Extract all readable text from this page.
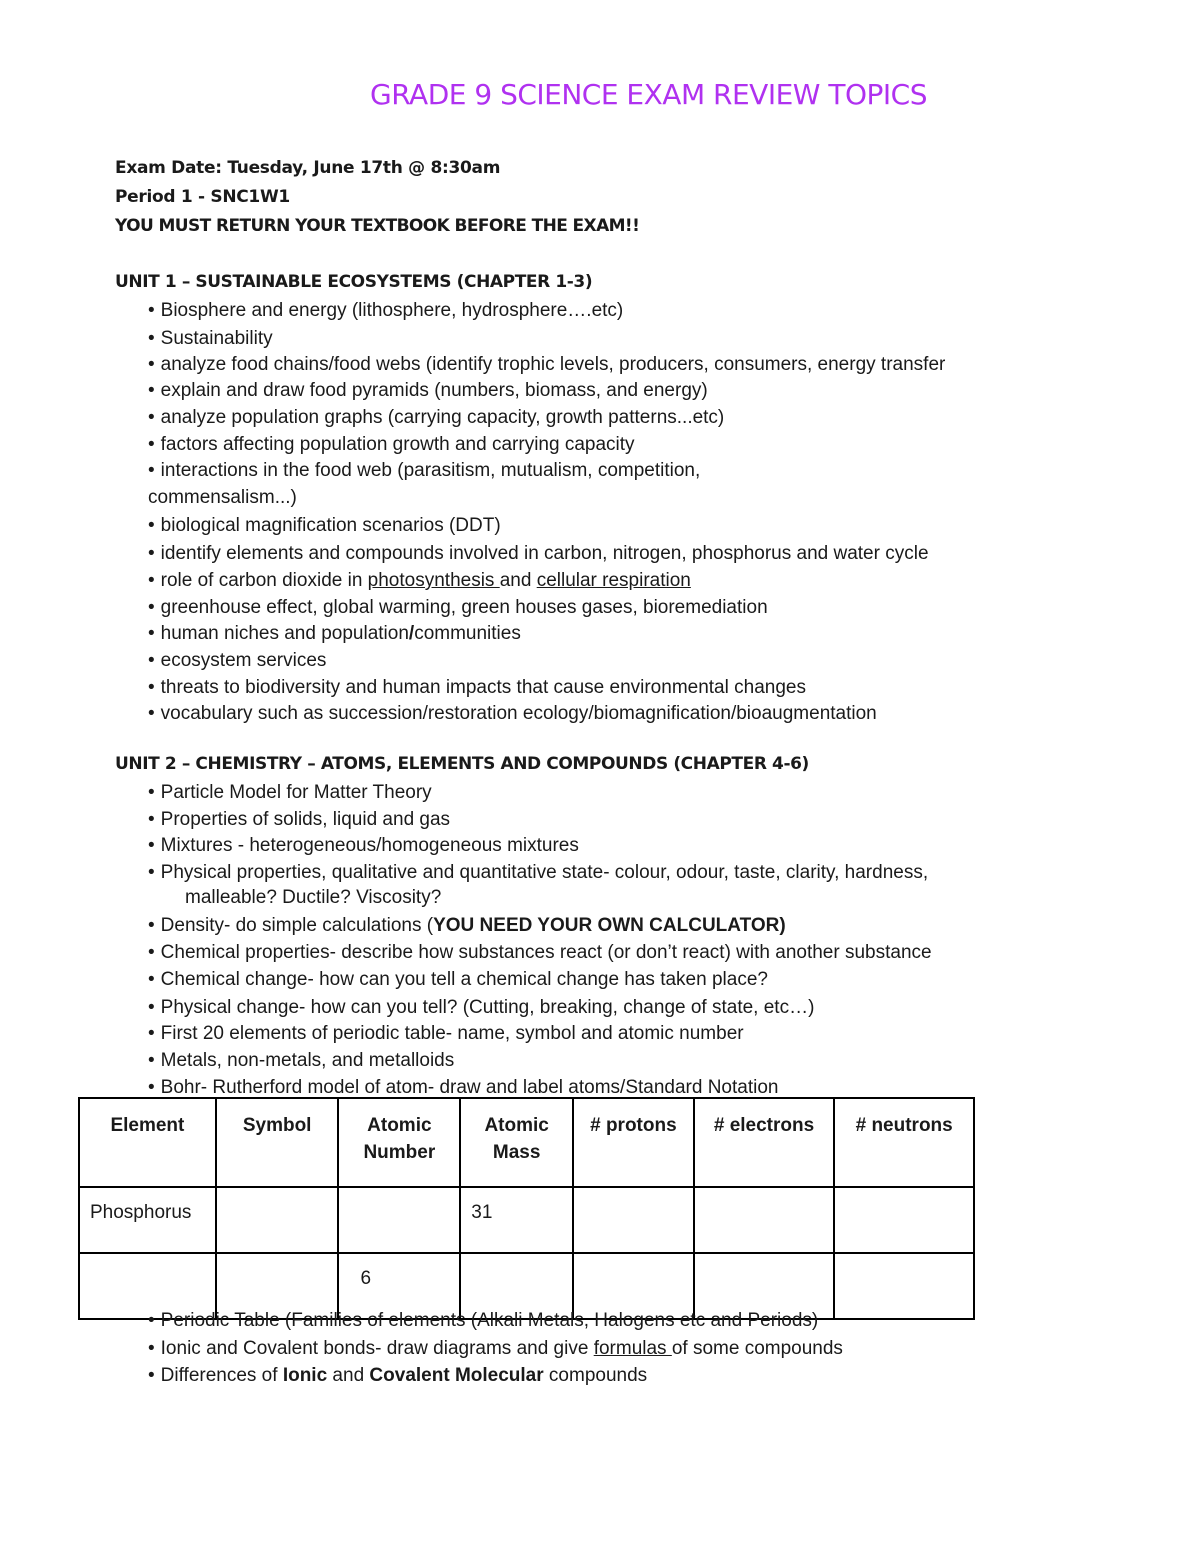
GRADE 9 SCIENCE EXAM REVIEW TOPICS
Exam Date: Tuesday, June 17th @ 8:30am
Period 1 - SNC1W1
YOU MUST RETURN YOUR TEXTBOOK BEFORE THE EXAM!!
UNIT 1 – SUSTAINABLE ECOSYSTEMS (CHAPTER 1-3)
• Biosphere and energy (lithosphere, hydrosphere….etc)
• Sustainability
• analyze food chains/food webs (identify trophic levels, producers, consumers, energy transfer
• explain and draw food pyramids (numbers, biomass, and energy)
• analyze population graphs (carrying capacity, growth patterns...etc)
• factors affecting population growth and carrying capacity
• interactions in the food web (parasitism, mutualism, competition,
commensalism...)
• biological magnification scenarios (DDT)
• identify elements and compounds involved in carbon, nitrogen, phosphorus and water cycle
• role of carbon dioxide in photosynthesis and cellular respiration
• greenhouse effect, global warming, green houses gases, bioremediation
• human niches and population/communities
• ecosystem services
• threats to biodiversity and human impacts that cause environmental changes
• vocabulary such as succession/restoration ecology/biomagnification/bioaugmentation
UNIT 2 – CHEMISTRY – ATOMS, ELEMENTS AND COMPOUNDS (CHAPTER 4-6)
• Particle Model for Matter Theory
• Properties of solids, liquid and gas
• Mixtures - heterogeneous/homogeneous mixtures
• Physical properties, qualitative and quantitative state- colour, odour, taste, clarity, hardness,
malleable? Ductile? Viscosity?
• Density- do simple calculations (YOU NEED YOUR OWN CALCULATOR)
• Chemical properties- describe how substances react (or don’t react) with another substance
• Chemical change- how can you tell a chemical change has taken place?
• Physical change- how can you tell? (Cutting, breaking, change of state, etc…)
• First 20 elements of periodic table- name, symbol and atomic number
• Metals, non-metals, and metalloids
• Bohr- Rutherford model of atom- draw and label atoms/Standard Notation
Element	Symbol	Atomic Number	Atomic Mass	# protons	# electrons	# neutrons
Phosphorus			31			
		6				
• Periodic Table (Families of elements (Alkali Metals, Halogens etc and Periods)
• Ionic and Covalent bonds- draw diagrams and give formulas of some compounds
• Differences of Ionic and Covalent Molecular compounds
